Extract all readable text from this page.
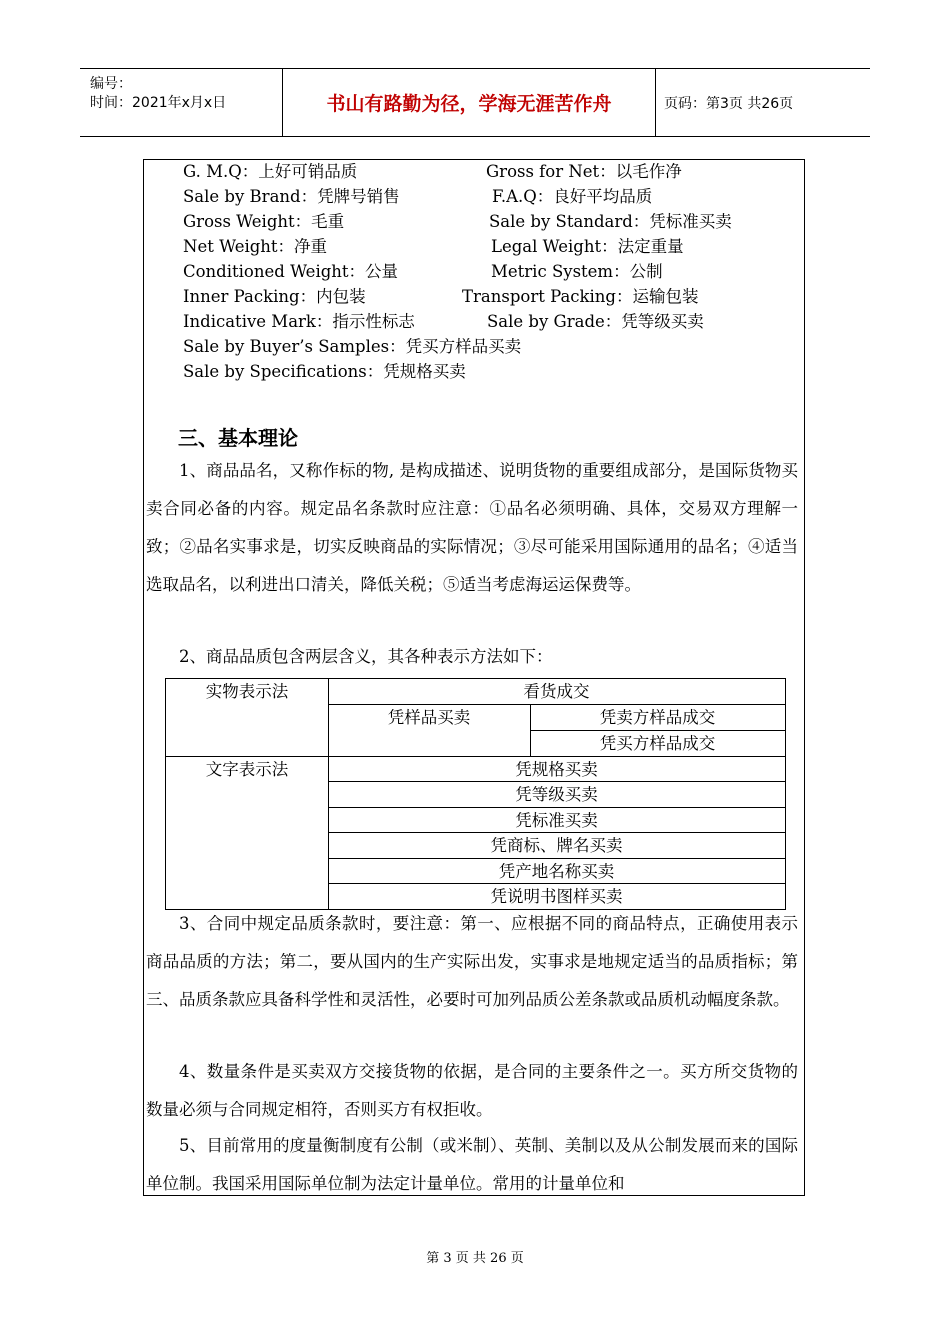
编号：
时间：2021年x月x日	书山有路勤为径，学海无涯苦作舟	页码：第3页 共26页
G. M.Q：上好可销品质	Gross for Net：以毛作净
Sale by Brand：凭牌号销售	F.A.Q：良好平均品质
Gross Weight：毛重	Sale by Standard：凭标准买卖
Net Weight：净重	Legal Weight：法定重量
Conditioned Weight：公量	Metric System：公制
Inner Packing：内包装	Transport Packing：运输包装
Indicative Mark：指示性标志	Sale by Grade：凭等级买卖
Sale by Buyer’s Samples：凭买方样品买卖
Sale by Specifications：凭规格买卖
三、基本理论
1、商品品名，又称作标的物, 是构成描述、说明货物的重要组成部分，是国际货物买卖合同必备的内容。规定品名条款时应注意：①品名必须明确、具体，交易双方理解一致；②品名实事求是，切实反映商品的实际情况；③尽可能采用国际通用的品名；④适当选取品名，以利进出口清关，降低关税；⑤适当考虑海运运保费等。
2、商品品质包含两层含义，其各种表示方法如下：
实物表示法	看货成交
凭样品买卖	凭卖方样品成交
凭买方样品成交
文字表示法	凭规格买卖
凭等级买卖
凭标准买卖
凭商标、牌名买卖
凭产地名称买卖
凭说明书图样买卖
3、合同中规定品质条款时，要注意：第一、应根据不同的商品特点，正确使用表示商品品质的方法；第二，要从国内的生产实际出发，实事求是地规定适当的品质指标；第三、品质条款应具备科学性和灵活性，必要时可加列品质公差条款或品质机动幅度条款。
4、数量条件是买卖双方交接货物的依据，是合同的主要条件之一。买方所交货物的数量必须与合同规定相符，否则买方有权拒收。
5、目前常用的度量衡制度有公制（或米制）、英制、美制以及从公制发展而来的国际单位制。我国采用国际单位制为法定计量单位。常用的计量单位和
第 3 页 共 26 页
